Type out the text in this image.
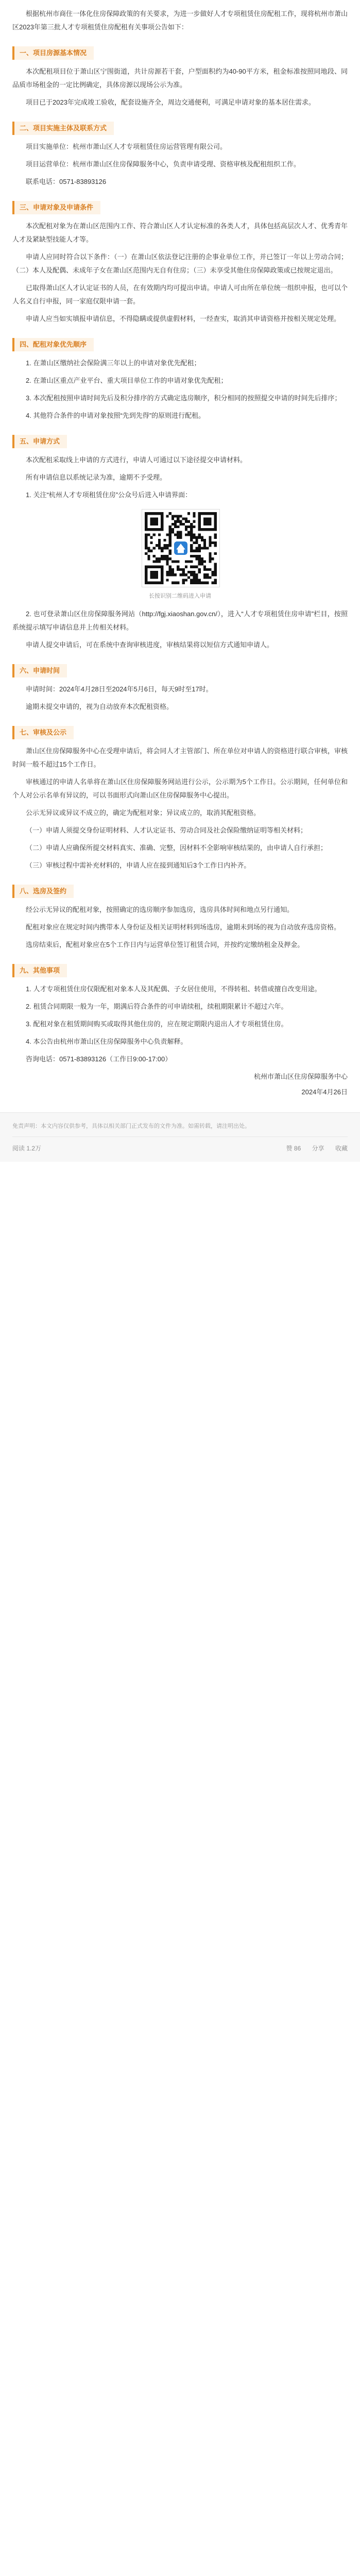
根据杭州市商住一体化住房保障政策的有关要求，为进一步做好人才专项租赁住房配租工作，现将杭州市萧山区2023年第三批人才专项租赁住房配租有关事项公告如下：

一、项目房源基本情况

本次配租项目位于萧山区宁围街道，共计房源若干套，户型面积约为40-90平方米，租金标准按照同地段、同品质市场租金的一定比例确定，具体房源以现场公示为准。

项目已于2023年完成竣工验收，配套设施齐全，周边交通便利，可满足申请对象的基本居住需求。

二、项目实施主体及联系方式

项目实施单位：杭州市萧山区人才专项租赁住房运营管理有限公司。

项目运营单位：杭州市萧山区住房保障服务中心，负责申请受理、资格审核及配租组织工作。

联系电话：0571-83893126

三、申请对象及申请条件

本次配租对象为在萧山区范围内工作、符合萧山区人才认定标准的各类人才，具体包括高层次人才、优秀青年人才及紧缺型技能人才等。

申请人应同时符合以下条件：（一）在萧山区依法登记注册的企事业单位工作，并已签订一年以上劳动合同；（二）本人及配偶、未成年子女在萧山区范围内无自有住房；（三）未享受其他住房保障政策或已按规定退出。

已取得萧山区人才认定证书的人员，在有效期内均可提出申请。申请人可由所在单位统一组织申报，也可以个人名义自行申报，同一家庭仅限申请一套。

申请人应当如实填报申请信息，不得隐瞒或提供虚假材料，一经查实，取消其申请资格并按相关规定处理。

四、配租对象优先顺序

1. 在萧山区缴纳社会保险满三年以上的申请对象优先配租；

2. 在萧山区重点产业平台、重大项目单位工作的申请对象优先配租；

3. 本次配租按照申请时间先后及积分排序的方式确定选房顺序，积分相同的按照提交申请的时间先后排序；

4. 其他符合条件的申请对象按照“先到先得”的原则进行配租。

五、申请方式

本次配租采取线上申请的方式进行，申请人可通过以下途径提交申请材料。

所有申请信息以系统记录为准，逾期不予受理。

1. 关注“杭州人才专项租赁住房”公众号后进入申请界面：

长按识别二维码进入申请

2. 也可登录萧山区住房保障服务网站（http://fgj.xiaoshan.gov.cn/），进入“人才专项租赁住房申请”栏目，按照系统提示填写申请信息并上传相关材料。

申请人提交申请后，可在系统中查询审核进度，审核结果将以短信方式通知申请人。

六、申请时间

申请时间：2024年4月28日至2024年5月6日，每天9时至17时。

逾期未提交申请的，视为自动放弃本次配租资格。

七、审核及公示

萧山区住房保障服务中心在受理申请后，将会同人才主管部门、所在单位对申请人的资格进行联合审核，审核时间一般不超过15个工作日。

审核通过的申请人名单将在萧山区住房保障服务网站进行公示，公示期为5个工作日。公示期间，任何单位和个人对公示名单有异议的，可以书面形式向萧山区住房保障服务中心提出。

公示无异议或异议不成立的，确定为配租对象；异议成立的，取消其配租资格。

（一）申请人须提交身份证明材料、人才认定证书、劳动合同及社会保险缴纳证明等相关材料；

（二）申请人应确保所提交材料真实、准确、完整，因材料不全影响审核结果的，由申请人自行承担；

（三）审核过程中需补充材料的，申请人应在接到通知后3个工作日内补齐。

八、选房及签约

经公示无异议的配租对象，按照确定的选房顺序参加选房，选房具体时间和地点另行通知。

配租对象应在规定时间内携带本人身份证及相关证明材料到场选房，逾期未到场的视为自动放弃选房资格。

选房结束后，配租对象应在5个工作日内与运营单位签订租赁合同，并按约定缴纳租金及押金。

九、其他事项

1. 人才专项租赁住房仅限配租对象本人及其配偶、子女居住使用，不得转租、转借或擅自改变用途。

2. 租赁合同期限一般为一年，期满后符合条件的可申请续租，续租期限累计不超过六年。

3. 配租对象在租赁期间购买或取得其他住房的，应在规定期限内退出人才专项租赁住房。

4. 本公告由杭州市萧山区住房保障服务中心负责解释。

咨询电话：0571-83893126（工作日9:00-17:00）

杭州市萧山区住房保障服务中心

2024年4月26日

免责声明：本文内容仅供参考，具体以相关部门正式发布的文件为准。如需转载，请注明出处。
阅读 1.2万	赞 86 分享 收藏
